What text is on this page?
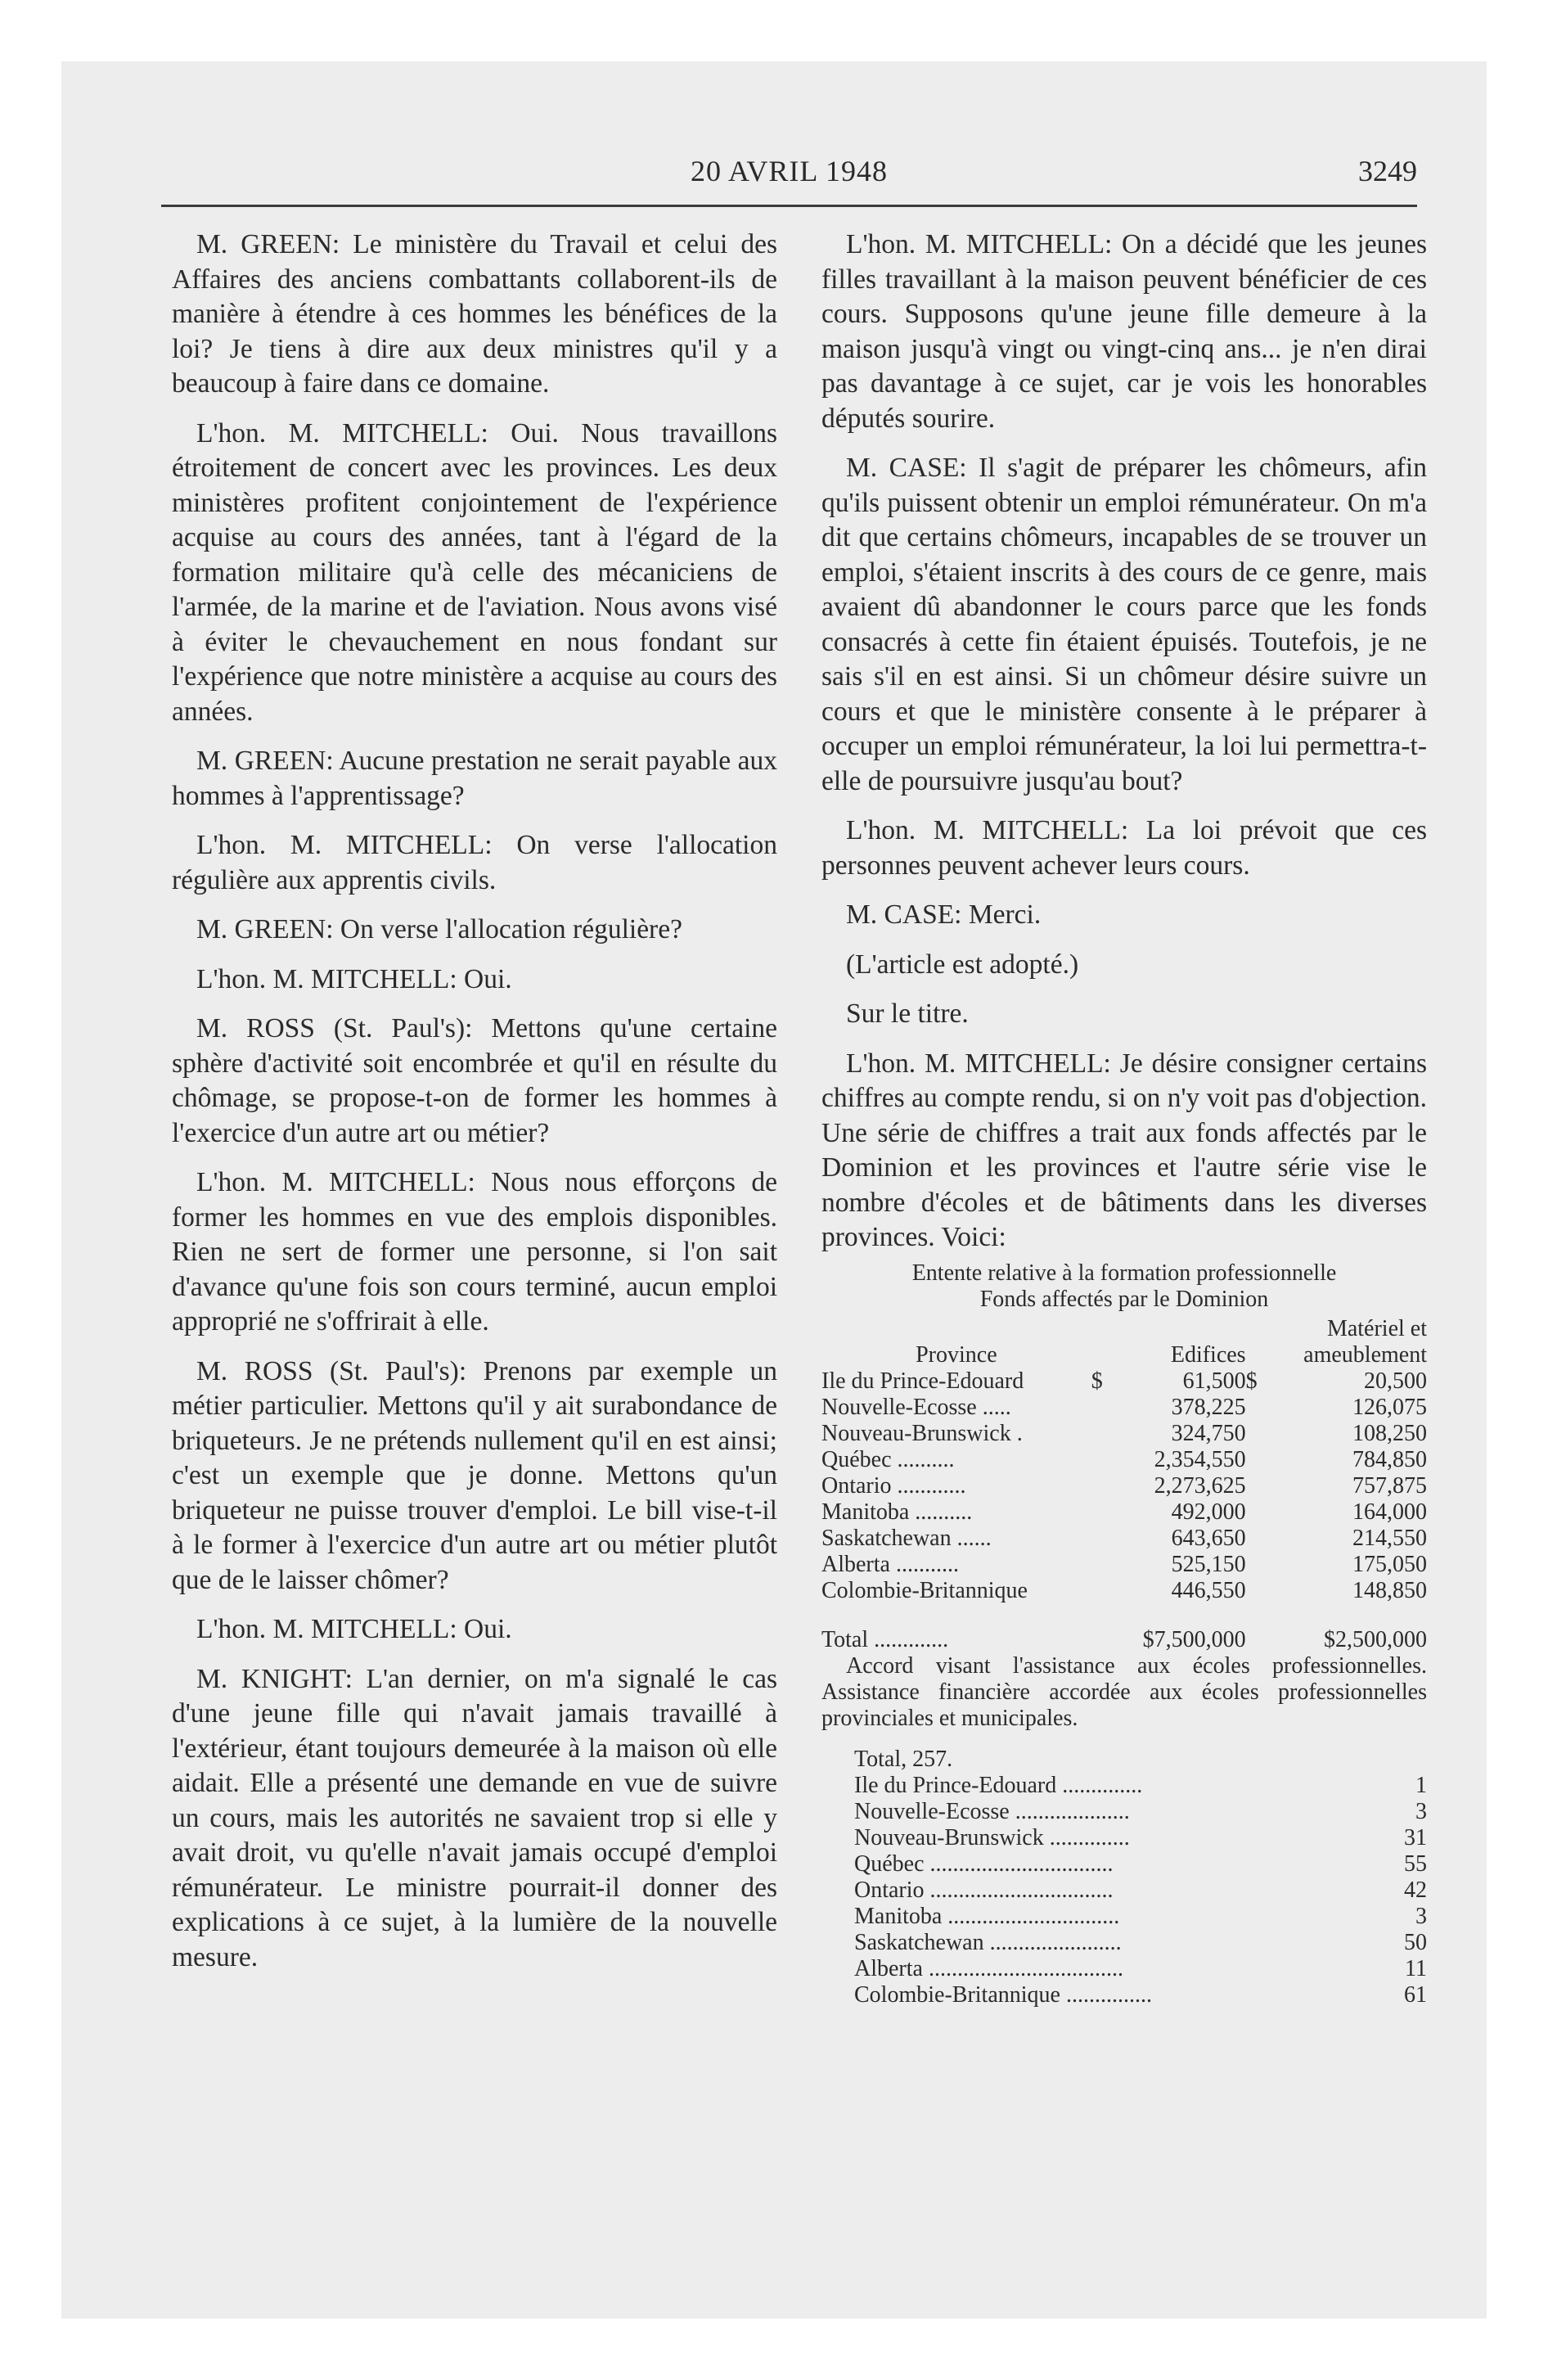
20 AVRIL 1948	3249

M. GREEN: Le ministère du Travail et celui des Affaires des anciens combattants collaborent-ils de manière à étendre à ces hommes les bénéfices de la loi? Je tiens à dire aux deux ministres qu'il y a beaucoup à faire dans ce domaine.

L'hon. M. MITCHELL: Oui. Nous travaillons étroitement de concert avec les provinces. Les deux ministères profitent conjointement de l'expérience acquise au cours des années, tant à l'égard de la formation militaire qu'à celle des mécaniciens de l'armée, de la marine et de l'aviation. Nous avons visé à éviter le chevauchement en nous fondant sur l'expérience que notre ministère a acquise au cours des années.

M. GREEN: Aucune prestation ne serait payable aux hommes à l'apprentissage?

L'hon. M. MITCHELL: On verse l'allocation régulière aux apprentis civils.

M. GREEN: On verse l'allocation régulière?

L'hon. M. MITCHELL: Oui.

M. ROSS (St. Paul's): Mettons qu'une certaine sphère d'activité soit encombrée et qu'il en résulte du chômage, se propose-t-on de former les hommes à l'exercice d'un autre art ou métier?

L'hon. M. MITCHELL: Nous nous efforçons de former les hommes en vue des emplois disponibles. Rien ne sert de former une personne, si l'on sait d'avance qu'une fois son cours terminé, aucun emploi approprié ne s'offrirait à elle.

M. ROSS (St. Paul's): Prenons par exemple un métier particulier. Mettons qu'il y ait surabondance de briqueteurs. Je ne prétends nullement qu'il en est ainsi; c'est un exemple que je donne. Mettons qu'un briqueteur ne puisse trouver d'emploi. Le bill vise-t-il à le former à l'exercice d'un autre art ou métier plutôt que de le laisser chômer?

L'hon. M. MITCHELL: Oui.

M. KNIGHT: L'an dernier, on m'a signalé le cas d'une jeune fille qui n'avait jamais travaillé à l'extérieur, étant toujours demeurée à la maison où elle aidait. Elle a présenté une demande en vue de suivre un cours, mais les autorités ne savaient trop si elle y avait droit, vu qu'elle n'avait jamais occupé d'emploi rémunérateur. Le ministre pourrait-il donner des explications à ce sujet, à la lumière de la nouvelle mesure.

L'hon. M. MITCHELL: On a décidé que les jeunes filles travaillant à la maison peuvent bénéficier de ces cours. Supposons qu'une jeune fille demeure à la maison jusqu'à vingt ou vingt-cinq ans... je n'en dirai pas davantage à ce sujet, car je vois les honorables députés sourire.

M. CASE: Il s'agit de préparer les chômeurs, afin qu'ils puissent obtenir un emploi rémunérateur. On m'a dit que certains chômeurs, incapables de se trouver un emploi, s'étaient inscrits à des cours de ce genre, mais avaient dû abandonner le cours parce que les fonds consacrés à cette fin étaient épuisés. Toutefois, je ne sais s'il en est ainsi. Si un chômeur désire suivre un cours et que le ministère consente à le préparer à occuper un emploi rémunérateur, la loi lui permettra-t-elle de poursuivre jusqu'au bout?

L'hon. M. MITCHELL: La loi prévoit que ces personnes peuvent achever leurs cours.

M. CASE: Merci.

(L'article est adopté.)

Sur le titre.

L'hon. M. MITCHELL: Je désire consigner certains chiffres au compte rendu, si on n'y voit pas d'objection. Une série de chiffres a trait aux fonds affectés par le Dominion et les provinces et l'autre série vise le nombre d'écoles et de bâtiments dans les diverses provinces. Voici:

Entente relative à la formation professionnelle
Fonds affectés par le Dominion
				Matériel et
Province		Edifices		ameublement
Ile du Prince-Edouard	$	61,500	$	20,500
Nouvelle-Ecosse .....		378,225		126,075
Nouveau-Brunswick .		324,750		108,250
Québec ..........		2,354,550		784,850
Ontario ............		2,273,625		757,875
Manitoba ..........		492,000		164,000
Saskatchewan ......		643,650		214,550
Alberta ...........		525,150		175,050
Colombie-Britannique		446,550		148,850
Total .............		$7,500,000		$2,500,000

Accord visant l'assistance aux écoles professionnelles. Assistance financière accordée aux écoles professionnelles provinciales et municipales.

Total, 257.
Ile du Prince-Edouard ..............	1
Nouvelle-Ecosse ....................	3
Nouveau-Brunswick ..............	31
Québec ................................	55
Ontario ................................	42
Manitoba ..............................	3
Saskatchewan .......................	50
Alberta ..................................	11
Colombie-Britannique ...............	61
